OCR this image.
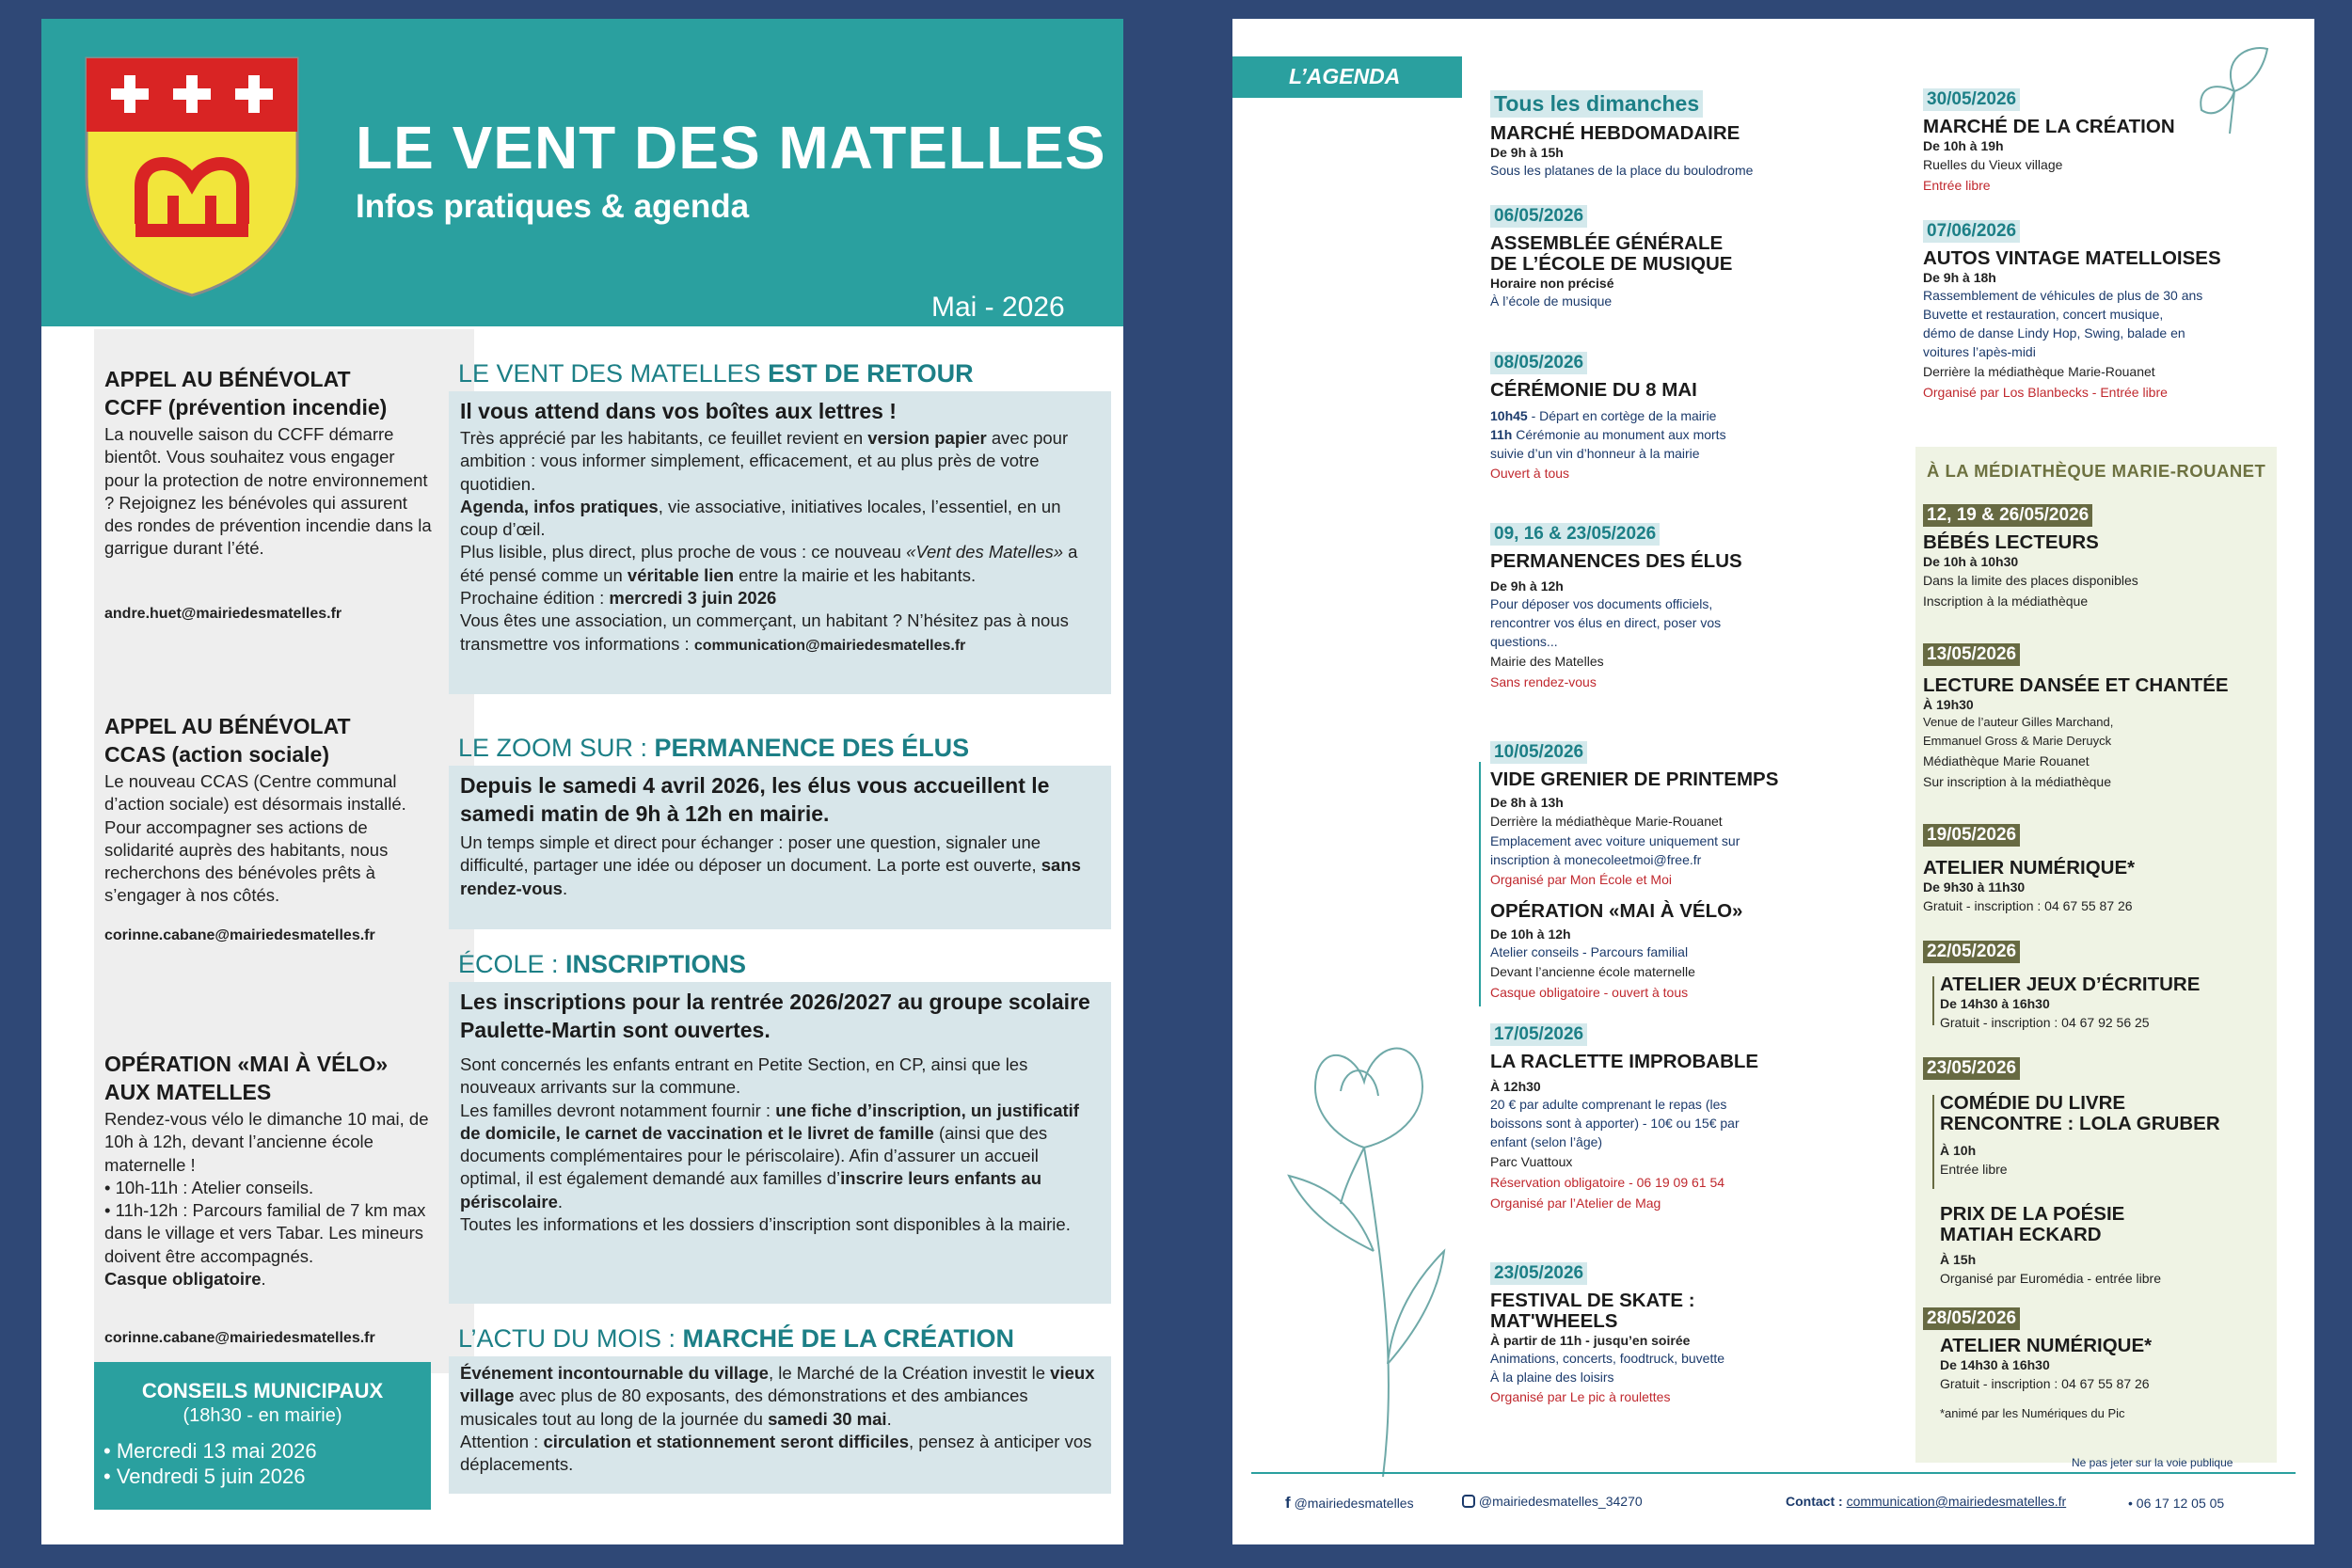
LE VENT DES MATELLES
Infos pratiques & agenda
Mai - 2026
APPEL AU BÉNÉVOLAT
CCFF (prévention incendie)
La nouvelle saison du CCFF démarre bientôt. Vous souhaitez vous engager pour la protection de notre environnement ? Rejoignez les bénévoles qui assurent des rondes de prévention incendie dans la garrigue durant l’été.
andre.huet@mairiedesmatelles.fr
APPEL AU BÉNÉVOLAT
CCAS (action sociale)
Le nouveau CCAS (Centre communal d’action sociale) est désormais installé. Pour accompagner ses actions de solidarité auprès des habitants, nous recherchons des bénévoles prêts à s’engager à nos côtés.
corinne.cabane@mairiedesmatelles.fr
OPÉRATION «MAI À VÉLO»
AUX MATELLES
Rendez-vous vélo le dimanche 10 mai, de 10h à 12h, devant l’ancienne école maternelle !
• 10h-11h : Atelier conseils.
• 11h-12h : Parcours familial de 7 km max dans le village et vers Tabar. Les mineurs doivent être accompagnés.
Casque obligatoire.
corinne.cabane@mairiedesmatelles.fr
CONSEILS MUNICIPAUX
(18h30 - en mairie)
• Mercredi 13 mai 2026
• Vendredi 5 juin 2026
LE VENT DES MATELLES EST DE RETOUR
Il vous attend dans vos boîtes aux lettres !
Très apprécié par les habitants, ce feuillet revient en version papier avec pour ambition : vous informer simplement, efficacement, et au plus près de votre quotidien.
Agenda, infos pratiques, vie associative, initiatives locales, l’essentiel, en un coup d’œil.
Plus lisible, plus direct, plus proche de vous : ce nouveau «Vent des Matelles» a été pensé comme un véritable lien entre la mairie et les habitants.
Prochaine édition : mercredi 3 juin 2026
Vous êtes une association, un commerçant, un habitant ? N’hésitez pas à nous transmettre vos informations : communication@mairiedesmatelles.fr
LE ZOOM SUR : PERMANENCE DES ÉLUS
Depuis le samedi 4 avril 2026, les élus vous accueillent le samedi matin de 9h à 12h en mairie.
Un temps simple et direct pour échanger : poser une question, signaler une difficulté, partager une idée ou déposer un document. La porte est ouverte, sans rendez-vous.
ÉCOLE : INSCRIPTIONS
Les inscriptions pour la rentrée 2026/2027 au groupe scolaire Paulette-Martin sont ouvertes.
Sont concernés les enfants entrant en Petite Section, en CP, ainsi que les nouveaux arrivants sur la commune.
Les familles devront notamment fournir : une fiche d’inscription, un justificatif de domicile, le carnet de vaccination et le livret de famille (ainsi que des documents complémentaires pour le périscolaire). Afin d’assurer un accueil optimal, il est également demandé aux familles d’inscrire leurs enfants au périscolaire.
Toutes les informations et les dossiers d’inscription sont disponibles à la mairie.
L’ACTU DU MOIS : MARCHÉ DE LA CRÉATION
Événement incontournable du village, le Marché de la Création investit le vieux village avec plus de 80 exposants, des démonstrations et des ambiances musicales tout au long de la journée du samedi 30 mai.
Attention : circulation et stationnement seront difficiles, pensez à anticiper vos déplacements.
L’AGENDA
À LA MÉDIATHÈQUE MARIE-ROUANET
Tous les dimanches
MARCHÉ HEBDOMADAIRE
De 9h à 15h
Sous les platanes de la place du boulodrome
06/05/2026
ASSEMBLÉE GÉNÉRALE
DE L’ÉCOLE DE MUSIQUE
Horaire non précisé
À l’école de musique
08/05/2026
CÉRÉMONIE DU 8 MAI
10h45 - Départ en cortège de la mairie
11h Cérémonie au monument aux morts
suivie d’un vin d’honneur à la mairie
Ouvert à tous
09, 16 & 23/05/2026
PERMANENCES DES ÉLUS
De 9h à 12h
Pour déposer vos documents officiels,
rencontrer vos élus en direct, poser vos
questions...
Mairie des Matelles
Sans rendez-vous
10/05/2026
VIDE GRENIER DE PRINTEMPS
De 8h à 13h
Derrière la médiathèque Marie-Rouanet
Emplacement avec voiture uniquement sur
inscription à monecoleetmoi@free.fr
Organisé par Mon École et Moi
OPÉRATION «MAI À VÉLO»
De 10h à 12h
Atelier conseils - Parcours familial
Devant l’ancienne école maternelle
Casque obligatoire - ouvert à tous
17/05/2026
LA RACLETTE IMPROBABLE
À 12h30
20 € par adulte comprenant le repas (les
boissons sont à apporter) - 10€ ou 15€ par
enfant (selon l’âge)
Parc Vuattoux
Réservation obligatoire - 06 19 09 61 54
Organisé par l’Atelier de Mag
23/05/2026
FESTIVAL DE SKATE :
MAT'WHEELS
À partir de 11h - jusqu’en soirée
Animations, concerts, foodtruck, buvette
À la plaine des loisirs
Organisé par Le pic à roulettes
30/05/2026
MARCHÉ DE LA CRÉATION
De 10h à 19h
Ruelles du Vieux village
Entrée libre
07/06/2026
AUTOS VINTAGE MATELLOISES
De 9h à 18h
Rassemblement de véhicules de plus de 30 ans
Buvette et restauration, concert musique,
démo de danse Lindy Hop, Swing, balade en
voitures l’apès-midi
Derrière la médiathèque Marie-Rouanet
Organisé par Los Blanbecks - Entrée libre
12, 19 & 26/05/2026
BÉBÉS LECTEURS
De 10h à 10h30
Dans la limite des places disponibles
Inscription à la médiathèque
13/05/2026
LECTURE DANSÉE ET CHANTÉE
À 19h30
Venue de l’auteur Gilles Marchand,
Emmanuel Gross & Marie Deruyck
Médiathèque Marie Rouanet
Sur inscription à la médiathèque
19/05/2026
ATELIER NUMÉRIQUE*
De 9h30 à 11h30
Gratuit - inscription : 04 67 55 87 26
22/05/2026
ATELIER JEUX D’ÉCRITURE
De 14h30 à 16h30
Gratuit - inscription : 04 67 92 56 25
23/05/2026
COMÉDIE DU LIVRE
RENCONTRE : LOLA GRUBER
À 10h
Entrée libre
PRIX DE LA POÉSIE
MATIAH ECKARD
À 15h
Organisé par Euromédia - entrée libre
28/05/2026
ATELIER NUMÉRIQUE*
De 14h30 à 16h30
Gratuit - inscription : 04 67 55 87 26
*animé par les Numériques du Pic
Ne pas jeter sur la voie publique
f @mairiedesmatelles	@mairiedesmatelles_34270	Contact : communication@mairiedesmatelles.fr	• 06 17 12 05 05
